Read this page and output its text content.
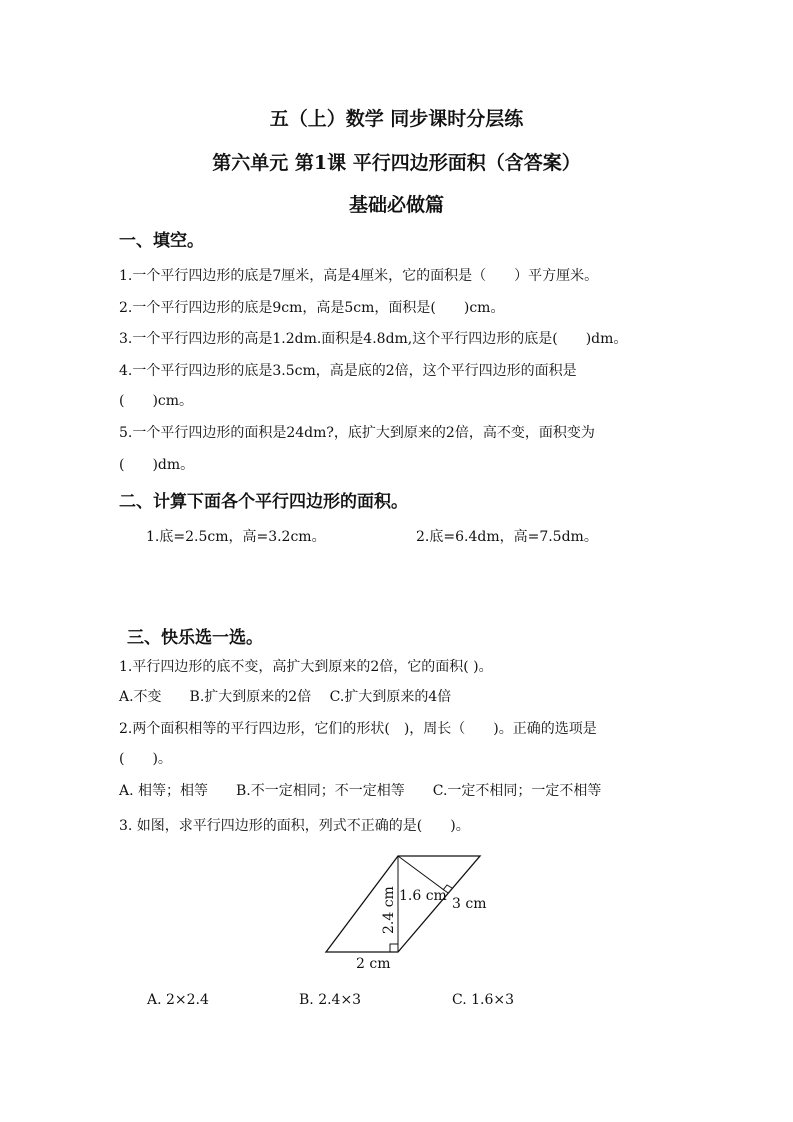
五（上）数学 同步课时分层练
第六单元 第1课 平行四边形面积（含答案）
基础必做篇
一、填空。
1.一个平行四边形的底是7厘米，高是4厘米，它的面积是（　　）平方厘米。
2.一个平行四边形的底是9cm，高是5cm，面积是(　　)cm。
3.一个平行四边形的高是1.2dm.面积是4.8dm,这个平行四边形的底是(　　)dm。
4.一个平行四边形的底是3.5cm，高是底的2倍，这个平行四边形的面积是
(　　)cm。
5.一个平行四边形的面积是24dm?，底扩大到原来的2倍，高不变，面积变为
(　　)dm。
二、计算下面各个平行四边形的面积。
1.底=2.5cm，高=3.2cm。	2.底=6.4dm，高=7.5dm。
三、快乐选一选。
1.平行四边形的底不变，高扩大到原来的2倍，它的面积( )。
A.不变　　B.扩大到原来的2倍　 C.扩大到原来的4倍
2.两个面积相等的平行四边形，它们的形状(　)，周长（　　)。正确的选项是
(　　)。
A. 相等；相等　　B.不一定相同；不一定相等　　C.一定不相同；一定不相等
3. 如图，求平行四边形的面积，列式不正确的是(　　)。
1.6 cm 3 cm
2.4 cm
2 cm
A. 2×2.4	B. 2.4×3	C. 1.6×3
